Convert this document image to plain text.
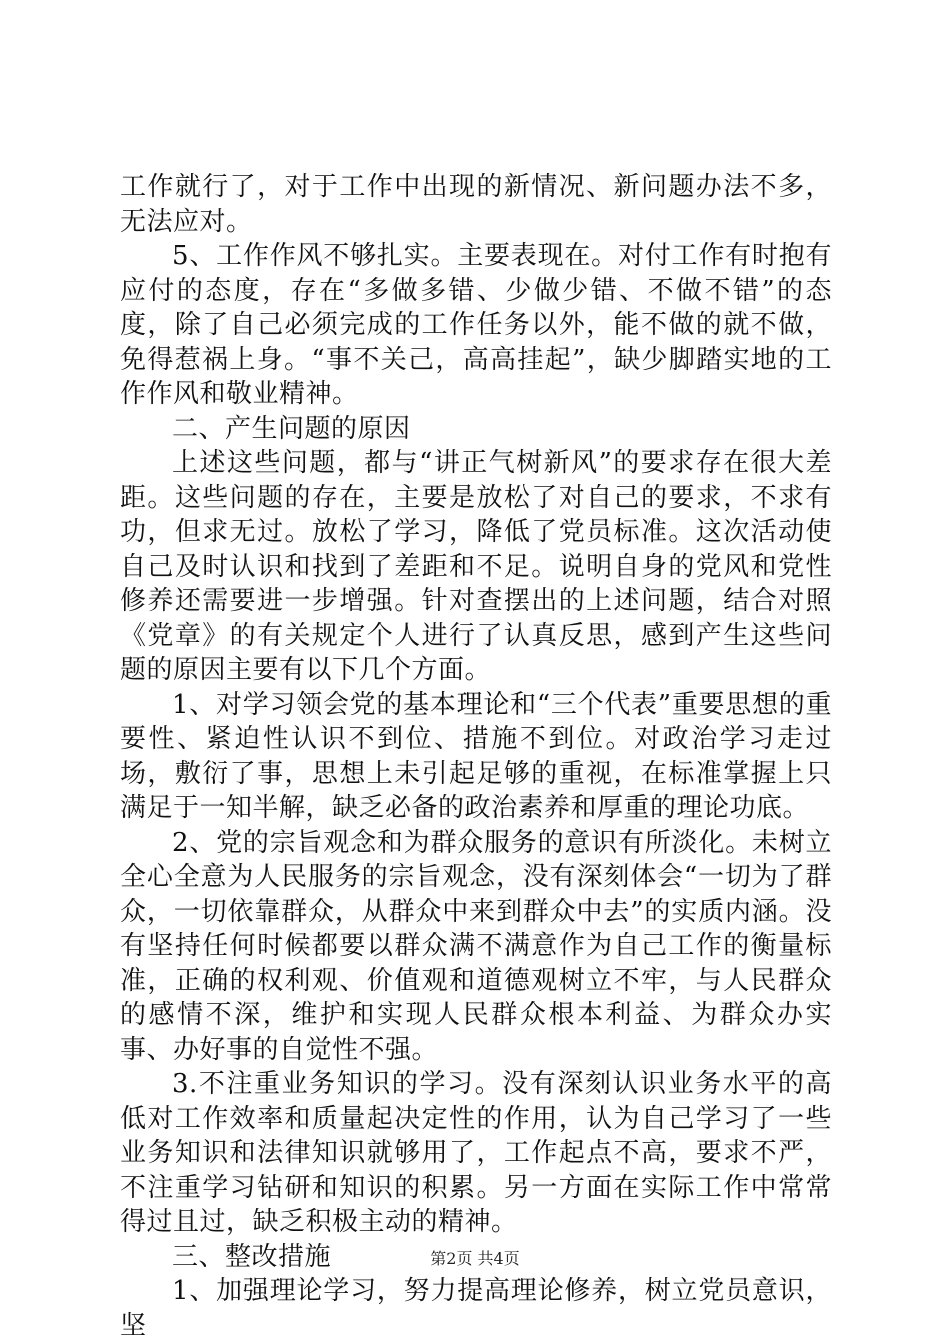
工作就行了，对于工作中出现的新情况、新问题办法不多，无法应对。

5、工作作风不够扎实。主要表现在。对付工作有时抱有应付的态度，存在“多做多错、少做少错、不做不错”的态度，除了自己必须完成的工作任务以外，能不做的就不做，免得惹祸上身。“事不关己，高高挂起”，缺少脚踏实地的工作作风和敬业精神。

二、产生问题的原因

上述这些问题，都与“讲正气树新风”的要求存在很大差距。这些问题的存在，主要是放松了对自己的要求，不求有功，但求无过。放松了学习，降低了党员标准。这次活动使自己及时认识和找到了差距和不足。说明自身的党风和党性修养还需要进一步增强。针对查摆出的上述问题，结合对照《党章》的有关规定个人进行了认真反思，感到产生这些问题的原因主要有以下几个方面。

1、对学习领会党的基本理论和“三个代表”重要思想的重要性、紧迫性认识不到位、措施不到位。对政治学习走过场，敷衍了事，思想上未引起足够的重视，在标准掌握上只满足于一知半解，缺乏必备的政治素养和厚重的理论功底。

2、党的宗旨观念和为群众服务的意识有所淡化。未树立全心全意为人民服务的宗旨观念，没有深刻体会“一切为了群众，一切依靠群众，从群众中来到群众中去”的实质内涵。没有坚持任何时候都要以群众满不满意作为自己工作的衡量标准，正确的权利观、价值观和道德观树立不牢，与人民群众的感情不深，维护和实现人民群众根本利益、为群众办实事、办好事的自觉性不强。

3.不注重业务知识的学习。没有深刻认识业务水平的高低对工作效率和质量起决定性的作用，认为自己学习了一些业务知识和法律知识就够用了，工作起点不高，要求不严，不注重学习钻研和知识的积累。另一方面在实际工作中常常得过且过，缺乏积极主动的精神。

三、整改措施

1、加强理论学习，努力提高理论修养，树立党员意识，坚

第2页 共4页
